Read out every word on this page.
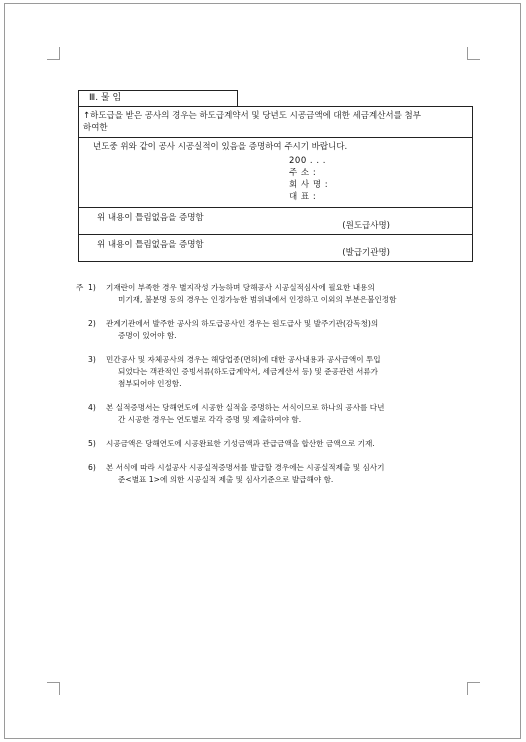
Ⅲ. 물 임
↑하도급을 받은 공사의 경우는 하도급계약서 및 당년도 시공금액에 대한 세금계산서를 첨부
하여한
년도중 위와 같이 공사 시공실적이 있음을 증명하여 주시기 바랍니다.
200 . . .
주 소 :
회 사 명 :
대 표 :
위 내용이 틀림없음을 증명함
(원도급사명)
위 내용이 틀림없음을 증명함
(발급기관명)
주 1) 기재란이 부족한 경우 별지작성 가능하며 당해공사 시공실적심사에 필요한 내용의
미기재, 불분명 등의 경우는 인정가능한 범위내에서 인정하고 이외의 부분은불인정함
2) 관계기관에서 발주한 공사의 하도급공사인 경우는 원도급사 및 발주기관(감독청)의
증명이 있어야 함.
3) 민간공사 및 자체공사의 경우는 해당업종(면허)에 대한 공사내용과 공사금액이 투입
되었다는 객관적인 증빙서류(하도급계약서, 세금계산서 등) 및 준공관련 서류가
첨부되어야 인정함.
4) 본 실적증명서는 당해연도에 시공한 실적을 증명하는 서식이므로 하나의 공사를 다년
간 시공한 경우는 연도별로 각각 증명 및 제출하여야 함.
5) 시공금액은 당해연도에 시공완료한 기성금액과 관급금액을 합산한 금액으로 기재.
6) 본 서식에 따라 시설공사 시공실적증명서를 발급할 경우에는 시공실적제출 및 심사기
준<별표 1>에 의한 시공실적 제출 및 심사기준으로 발급해야 함.
